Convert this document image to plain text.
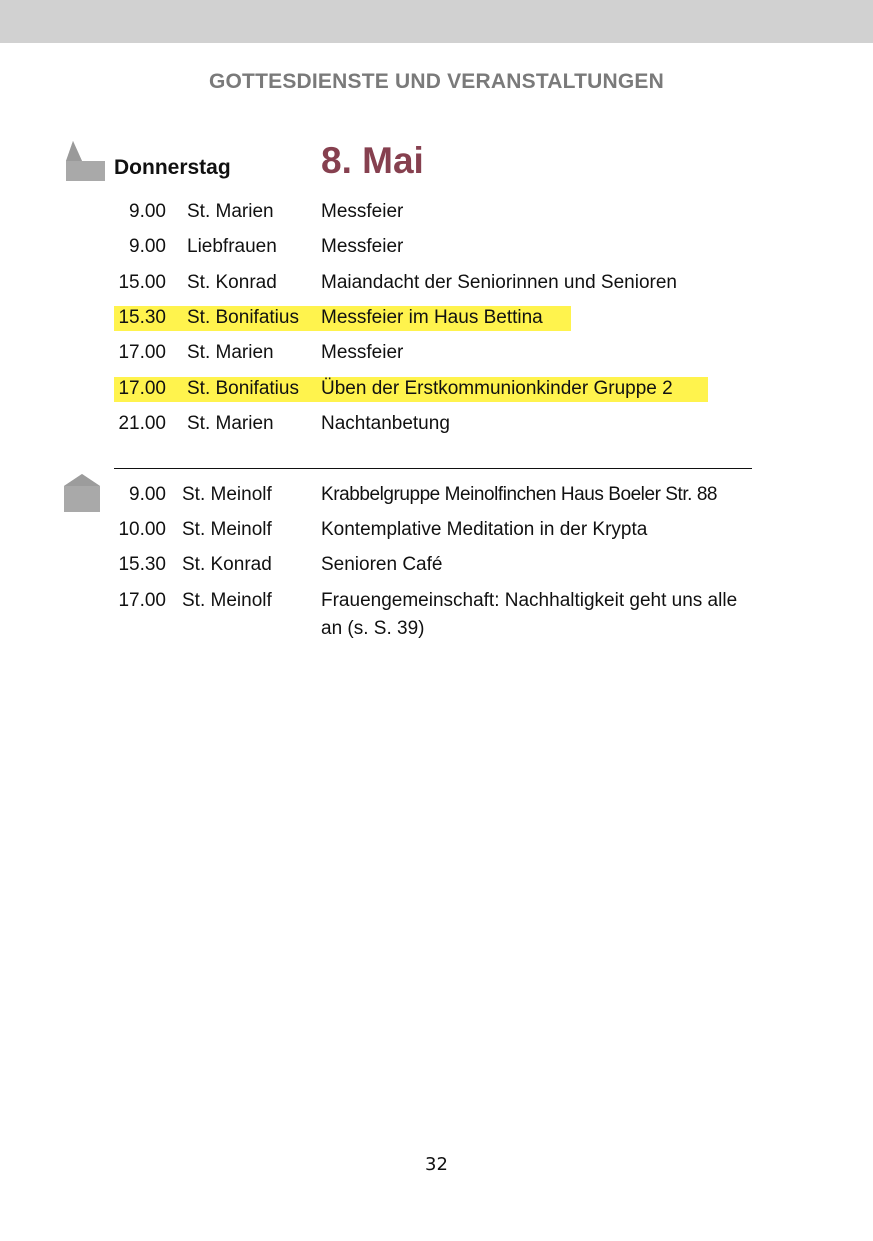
GOTTESDIENSTE UND VERANSTALTUNGEN
Donnerstag 8. Mai
9.00 St. Marien Messfeier
9.00 Liebfrauen Messfeier
15.00 St. Konrad Maiandacht der Seniorinnen und Senioren
15.30 St. Bonifatius Messfeier im Haus Bettina
17.00 St. Marien Messfeier
17.00 St. Bonifatius Üben der Erstkommunionkinder Gruppe 2
21.00 St. Marien Nachtanbetung
9.00 St. Meinolf	Krabbelgruppe Meinolfinchen Haus Boeler Str. 88
10.00 St. Meinolf	Kontemplative Meditation in der Krypta
15.30 St. Konrad	Senioren Café
17.00 St. Meinolf	Frauengemeinschaft: Nachhaltigkeit geht uns alle an (s. S. 39)
32
